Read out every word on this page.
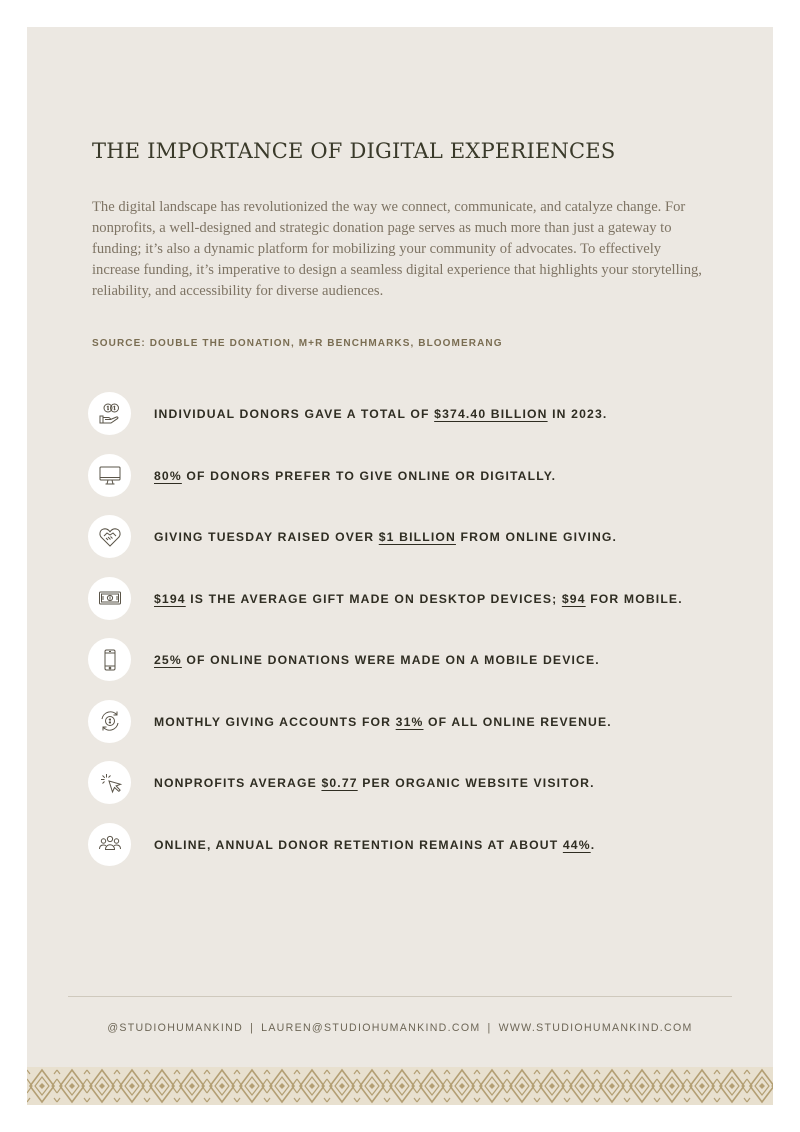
THE IMPORTANCE OF DIGITAL EXPERIENCES

The digital landscape has revolutionized the way we connect, communicate, and catalyze change. For nonprofits, a well-designed and strategic donation page serves as much more than just a gateway to funding; it’s also a dynamic platform for mobilizing your community of advocates. To effectively increase funding, it’s imperative to design a seamless digital experience that highlights your storytelling, reliability, and accessibility for diverse audiences.

SOURCE: DOUBLE THE DONATION, M+R BENCHMARKS, BLOOMERANG
INDIVIDUAL DONORS GAVE A TOTAL OF $374.40 BILLION IN 2023.
80% OF DONORS PREFER TO GIVE ONLINE OR DIGITALLY.
GIVING TUESDAY RAISED OVER $1 BILLION FROM ONLINE GIVING.
$194 IS THE AVERAGE GIFT MADE ON DESKTOP DEVICES; $94 FOR MOBILE.
25% OF ONLINE DONATIONS WERE MADE ON A MOBILE DEVICE.
MONTHLY GIVING ACCOUNTS FOR 31% OF ALL ONLINE REVENUE.
NONPROFITS AVERAGE $0.77 PER ORGANIC WEBSITE VISITOR.
ONLINE, ANNUAL DONOR RETENTION REMAINS AT ABOUT 44%.
@STUDIOHUMANKIND | LAUREN@STUDIOHUMANKIND.COM | WWW.STUDIOHUMANKIND.COM
